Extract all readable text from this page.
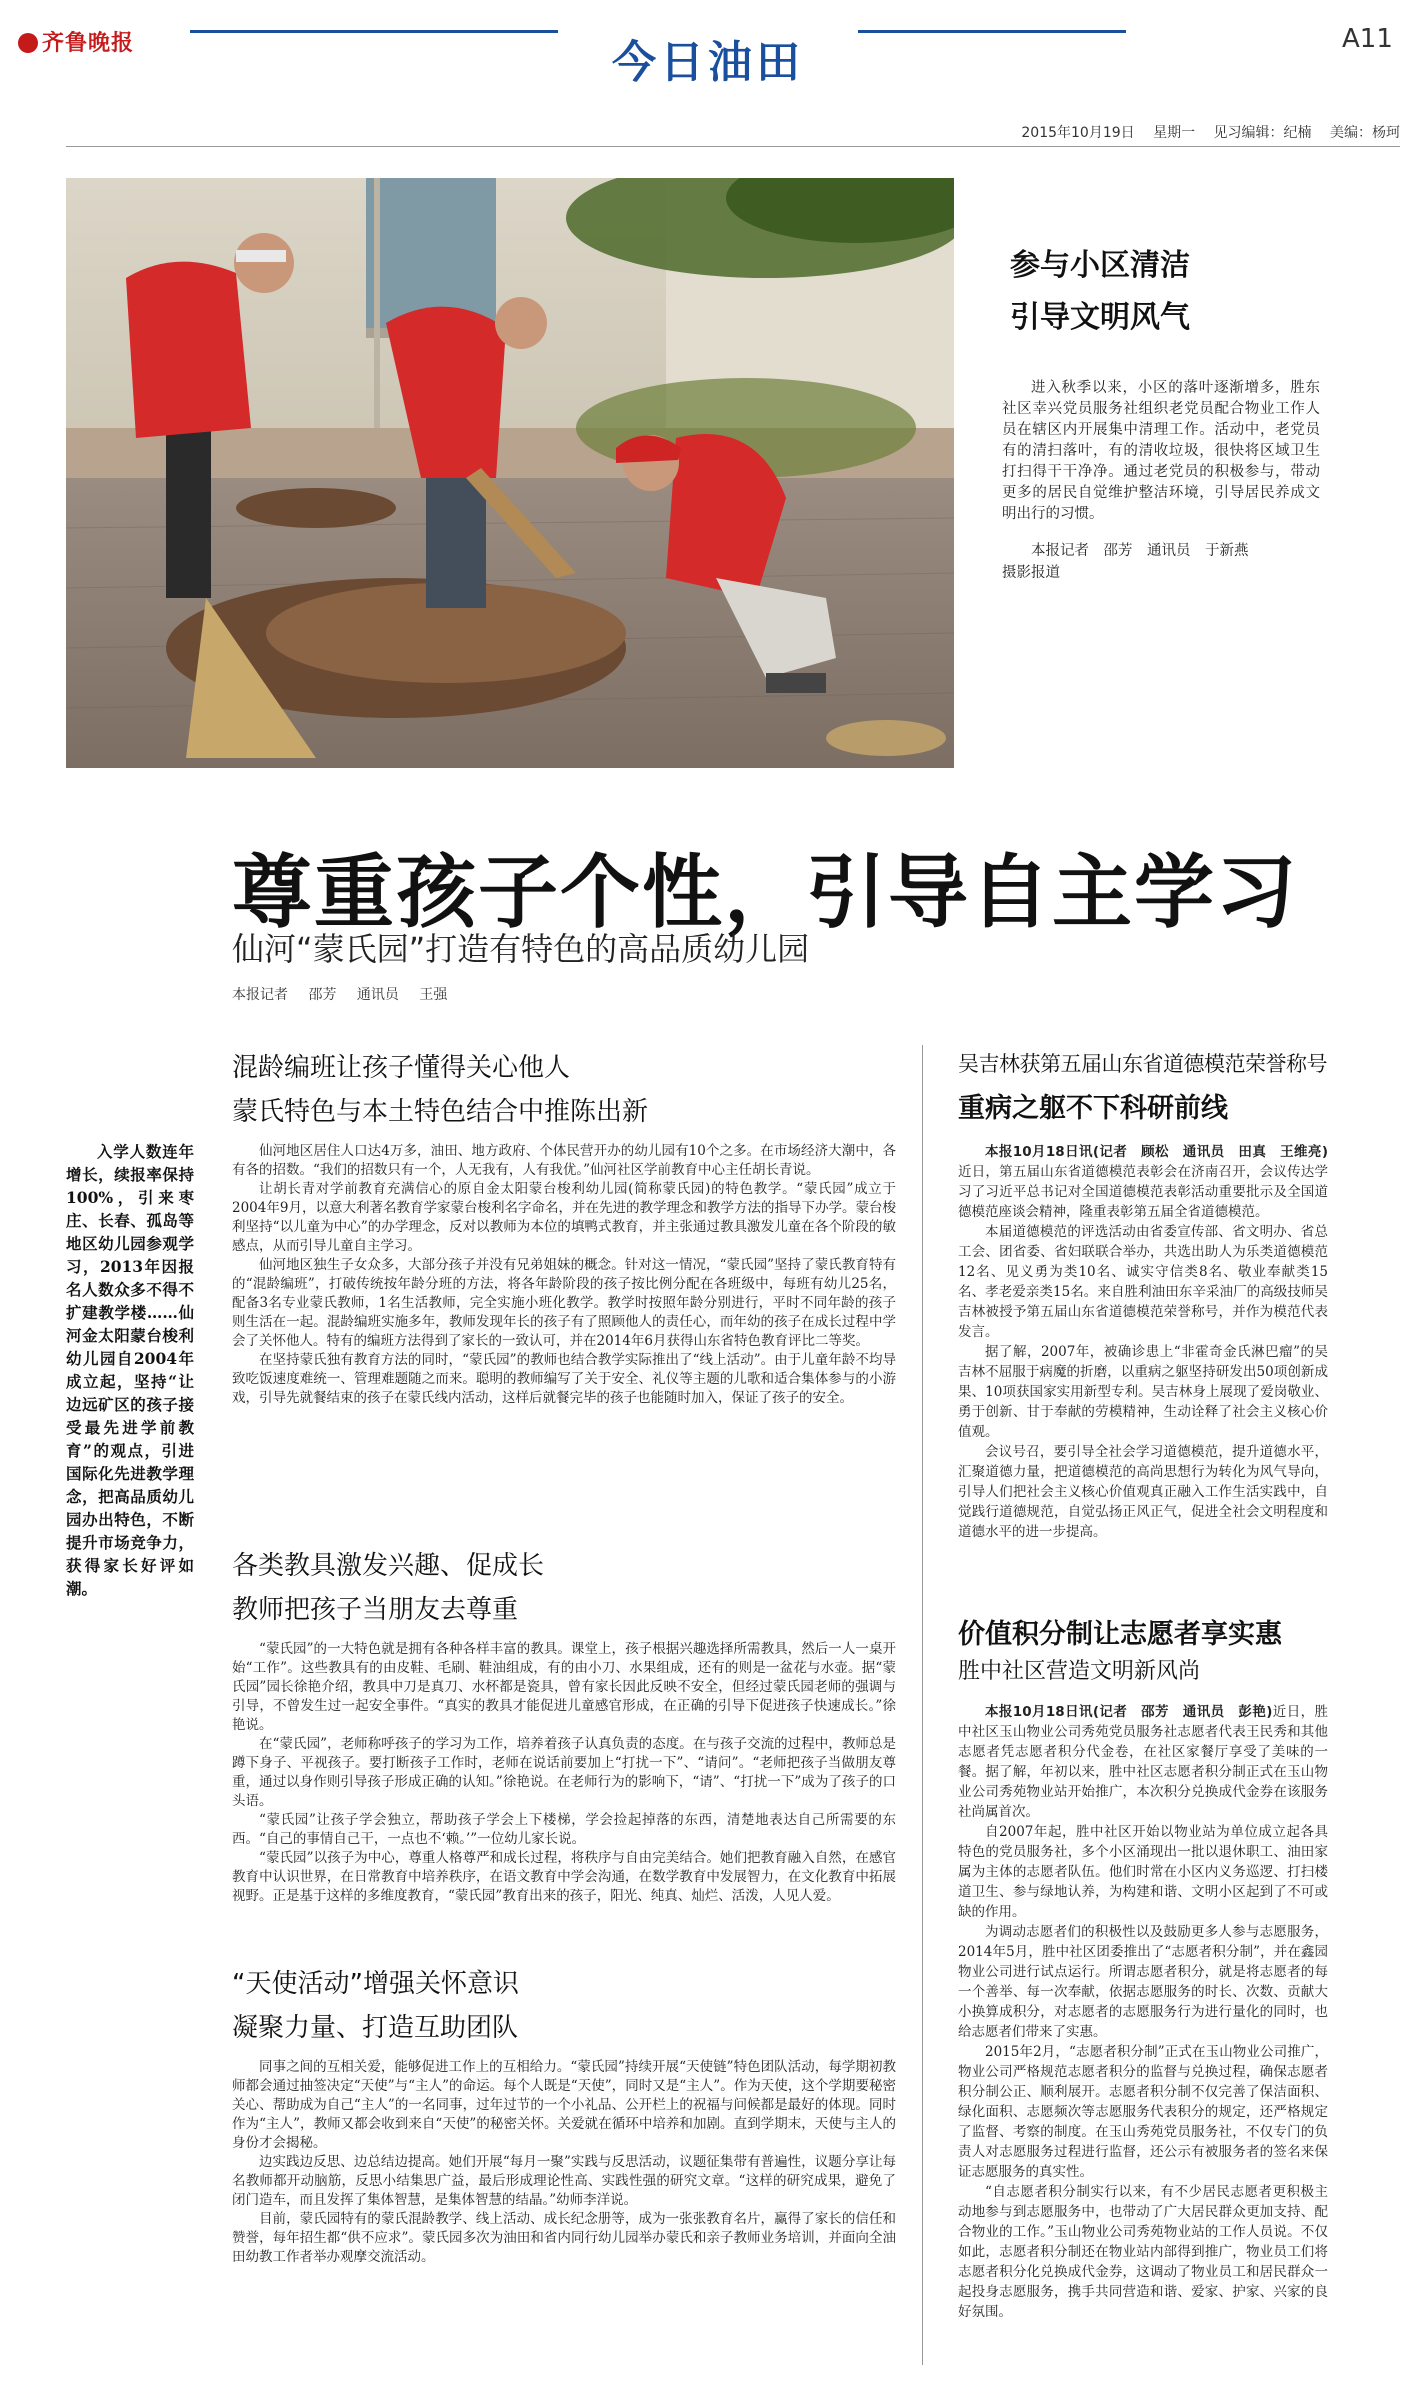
齐鲁晚报	今日油田	A11
2015年10月19日 星期一 见习编辑：纪楠 美编：杨珂
参与小区清洁
引导文明风气
进入秋季以来，小区的落叶逐渐增多，胜东社区幸兴党员服务社组织老党员配合物业工作人员在辖区内开展集中清理工作。活动中，老党员有的清扫落叶，有的清收垃圾，很快将区域卫生打扫得干干净净。通过老党员的积极参与，带动更多的居民自觉维护整洁环境，引导居民养成文明出行的习惯。
本报记者　邵芳　通讯员　于新燕
摄影报道
尊重孩子个性，引导自主学习
仙河“蒙氏园”打造有特色的高品质幼儿园
本报记者 邵芳 通讯员 王强
入学人数连年增长，续报率保持100%，引来枣庄、长春、孤岛等地区幼儿园参观学习，2013年因报名人数众多不得不扩建教学楼……仙河金太阳蒙台梭利幼儿园自2004年成立起，坚持“让边远矿区的孩子接受最先进学前教育”的观点，引进国际化先进教学理念，把高品质幼儿园办出特色，不断提升市场竞争力，获得家长好评如潮。
混龄编班让孩子懂得关心他人
蒙氏特色与本土特色结合中推陈出新

仙河地区居住人口达4万多，油田、地方政府、个体民营开办的幼儿园有10个之多。在市场经济大潮中，各有各的招数。“我们的招数只有一个，人无我有，人有我优。”仙河社区学前教育中心主任胡长青说。

让胡长青对学前教育充满信心的原自金太阳蒙台梭利幼儿园(简称蒙氏园)的特色教学。“蒙氏园”成立于2004年9月，以意大利著名教育学家蒙台梭利名字命名，并在先进的教学理念和教学方法的指导下办学。蒙台梭利坚持“以儿童为中心”的办学理念，反对以教师为本位的填鸭式教育，并主张通过教具激发儿童在各个阶段的敏感点，从而引导儿童自主学习。

仙河地区独生子女众多，大部分孩子并没有兄弟姐妹的概念。针对这一情况，“蒙氏园”坚持了蒙氏教育特有的“混龄编班”，打破传统按年龄分班的方法，将各年龄阶段的孩子按比例分配在各班级中，每班有幼儿25名，配备3名专业蒙氏教师，1名生活教师，完全实施小班化教学。教学时按照年龄分别进行，平时不同年龄的孩子则生活在一起。混龄编班实施多年，教师发现年长的孩子有了照顾他人的责任心，而年幼的孩子在成长过程中学会了关怀他人。特有的编班方法得到了家长的一致认可，并在2014年6月获得山东省特色教育评比二等奖。

在坚持蒙氏独有教育方法的同时，“蒙氏园”的教师也结合教学实际推出了“线上活动”。由于儿童年龄不均导致吃饭速度难统一、管理难题随之而来。聪明的教师编写了关于安全、礼仪等主题的儿歌和适合集体参与的小游戏，引导先就餐结束的孩子在蒙氏线内活动，这样后就餐完毕的孩子也能随时加入，保证了孩子的安全。

各类教具激发兴趣、促成长
教师把孩子当朋友去尊重

“蒙氏园”的一大特色就是拥有各种各样丰富的教具。课堂上，孩子根据兴趣选择所需教具，然后一人一桌开始“工作”。这些教具有的由皮鞋、毛刷、鞋油组成，有的由小刀、水果组成，还有的则是一盆花与水壶。据“蒙氏园”园长徐艳介绍，教具中刀是真刀、水杯都是瓷具，曾有家长因此反映不安全，但经过蒙氏园老师的强调与引导，不曾发生过一起安全事件。“真实的教具才能促进儿童感官形成，在正确的引导下促进孩子快速成长。”徐艳说。

在“蒙氏园”，老师称呼孩子的学习为工作，培养着孩子认真负责的态度。在与孩子交流的过程中，教师总是蹲下身子、平视孩子。要打断孩子工作时，老师在说话前要加上“打扰一下”、“请问”。“老师把孩子当做朋友尊重，通过以身作则引导孩子形成正确的认知。”徐艳说。在老师行为的影响下，“请”、“打扰一下”成为了孩子的口头语。

“蒙氏园”让孩子学会独立，帮助孩子学会上下楼梯，学会捡起掉落的东西，清楚地表达自己所需要的东西。“自己的事情自己干，一点也不‘赖。’”一位幼儿家长说。

“蒙氏园”以孩子为中心，尊重人格尊严和成长过程，将秩序与自由完美结合。她们把教育融入自然，在感官教育中认识世界，在日常教育中培养秩序，在语文教育中学会沟通，在数学教育中发展智力，在文化教育中拓展视野。正是基于这样的多维度教育，“蒙氏园”教育出来的孩子，阳光、纯真、灿烂、活泼，人见人爱。

“天使活动”增强关怀意识
凝聚力量、打造互助团队

同事之间的互相关爱，能够促进工作上的互相给力。“蒙氏园”持续开展“天使链”特色团队活动，每学期初教师都会通过抽签决定“天使”与“主人”的命运。每个人既是“天使”，同时又是“主人”。作为天使，这个学期要秘密关心、帮助成为自己“主人”的一名同事，过年过节的一个小礼品、公开栏上的祝福与问候都是最好的体现。同时作为“主人”，教师又都会收到来自“天使”的秘密关怀。关爱就在循环中培养和加剧。直到学期末，天使与主人的身份才会揭秘。

边实践边反思、边总结边提高。她们开展“每月一聚”实践与反思活动，议题征集带有普遍性，议题分享让每名教师都开动脑筋，反思小结集思广益，最后形成理论性高、实践性强的研究文章。“这样的研究成果，避免了闭门造车，而且发挥了集体智慧，是集体智慧的结晶。”幼师李洋说。

目前，蒙氏园特有的蒙氏混龄教学、线上活动、成长纪念册等，成为一张张教育名片，赢得了家长的信任和赞誉，每年招生都“供不应求”。蒙氏园多次为油田和省内同行幼儿园举办蒙氏和亲子教师业务培训，并面向全油田幼教工作者举办观摩交流活动。

吴吉林获第五届山东省道德模范荣誉称号
重病之躯不下科研前线

本报10月18日讯(记者　顾松　通讯员　田真　王维亮)近日，第五届山东省道德模范表彰会在济南召开，会议传达学习了习近平总书记对全国道德模范表彰活动重要批示及全国道德模范座谈会精神，隆重表彰第五届全省道德模范。

本届道德模范的评选活动由省委宣传部、省文明办、省总工会、团省委、省妇联联合举办，共选出助人为乐类道德模范12名、见义勇为类10名、诚实守信类8名、敬业奉献类15名、孝老爱亲类15名。来自胜利油田东辛采油厂的高级技师吴吉林被授予第五届山东省道德模范荣誉称号，并作为模范代表发言。

据了解，2007年，被确诊患上“非霍奇金氏淋巴瘤”的吴吉林不屈服于病魔的折磨，以重病之躯坚持研发出50项创新成果、10项获国家实用新型专利。吴吉林身上展现了爱岗敬业、勇于创新、甘于奉献的劳模精神，生动诠释了社会主义核心价值观。

会议号召，要引导全社会学习道德模范，提升道德水平，汇聚道德力量，把道德模范的高尚思想行为转化为风气导向，引导人们把社会主义核心价值观真正融入工作生活实践中，自觉践行道德规范，自觉弘扬正风正气，促进全社会文明程度和道德水平的进一步提高。

价值积分制让志愿者享实惠
胜中社区营造文明新风尚

本报10月18日讯(记者　邵芳　通讯员　彭艳)近日，胜中社区玉山物业公司秀苑党员服务社志愿者代表王民秀和其他志愿者凭志愿者积分代金卷，在社区家餐厅享受了美味的一餐。据了解，年初以来，胜中社区志愿者积分制正式在玉山物业公司秀苑物业站开始推广，本次积分兑换成代金券在该服务社尚属首次。

自2007年起，胜中社区开始以物业站为单位成立起各具特色的党员服务社，多个小区涌现出一批以退休职工、油田家属为主体的志愿者队伍。他们时常在小区内义务巡逻、打扫楼道卫生、参与绿地认养，为构建和谐、文明小区起到了不可或缺的作用。

为调动志愿者们的积极性以及鼓励更多人参与志愿服务，2014年5月，胜中社区团委推出了“志愿者积分制”，并在鑫园物业公司进行试点运行。所谓志愿者积分，就是将志愿者的每一个善举、每一次奉献，依据志愿服务的时长、次数、贡献大小换算成积分，对志愿者的志愿服务行为进行量化的同时，也给志愿者们带来了实惠。

2015年2月，“志愿者积分制”正式在玉山物业公司推广，物业公司严格规范志愿者积分的监督与兑换过程，确保志愿者积分制公正、顺利展开。志愿者积分制不仅完善了保洁面积、绿化面积、志愿频次等志愿服务代表积分的规定，还严格规定了监督、考察的制度。在玉山秀苑党员服务社，不仅专门的负责人对志愿服务过程进行监督，还公示有被服务者的签名来保证志愿服务的真实性。

“自志愿者积分制实行以来，有不少居民志愿者更积极主动地参与到志愿服务中，也带动了广大居民群众更加支持、配合物业的工作。”玉山物业公司秀苑物业站的工作人员说。不仅如此，志愿者积分制还在物业站内部得到推广，物业员工们将志愿者积分化兑换成代金券，这调动了物业员工和居民群众一起投身志愿服务，携手共同营造和谐、爱家、护家、兴家的良好氛围。
